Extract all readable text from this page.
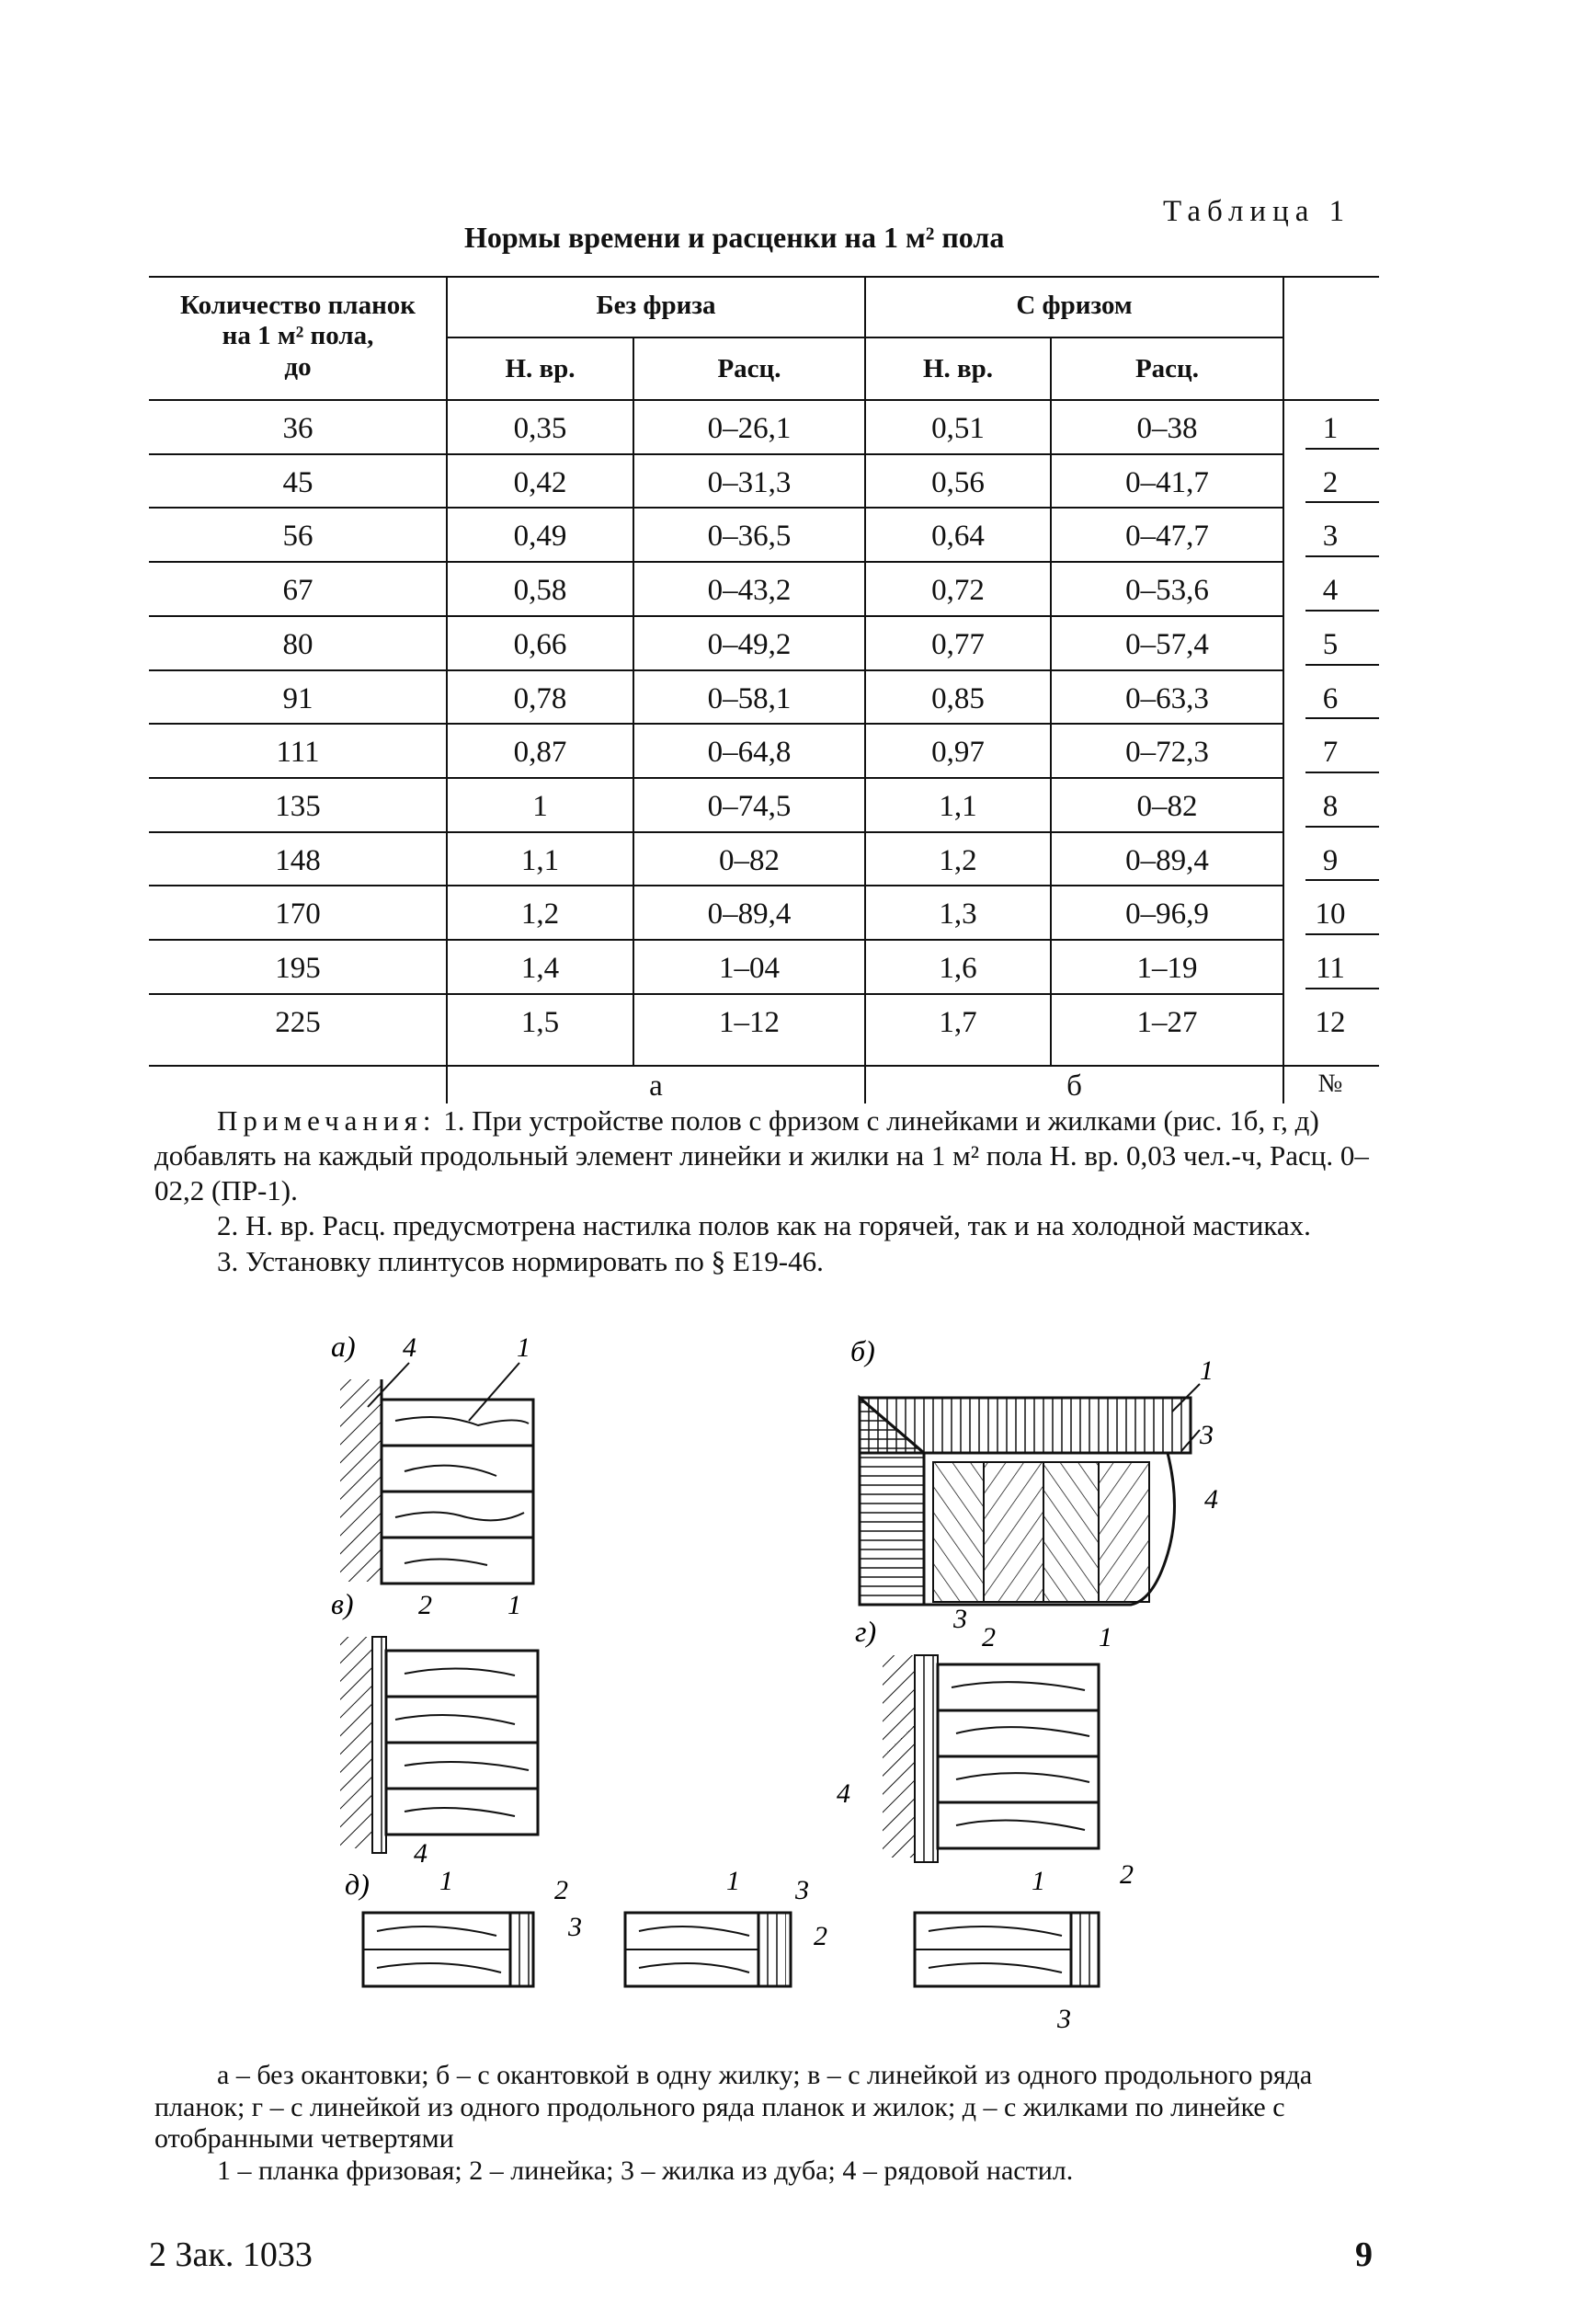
Таблица 1
Нормы времени и расценки на 1 м² пола
Количество планок
на 1 м² пола,
до
Без фриза	С фризом
Н. вр.	Расц.	Н. вр.	Расц.
36	0,35	0–26,1	0,51	0–38	1
45	0,42	0–31,3	0,56	0–41,7	2
56	0,49	0–36,5	0,64	0–47,7	3
67	0,58	0–43,2	0,72	0–53,6	4
80	0,66	0–49,2	0,77	0–57,4	5
91	0,78	0–58,1	0,85	0–63,3	6
111	0,87	0–64,8	0,97	0–72,3	7
135	1	0–74,5	1,1	0–82	8
148	1,1	0–82	1,2	0–89,4	9
170	1,2	0–89,4	1,3	0–96,9	10
195	1,4	1–04	1,6	1–19	11
225	1,5	1–12	1,7	1–27	12
а	б	№

Примечания: 1. При устройстве полов с фризом с линейками и жилками (рис. 1б, г, д) добавлять на каждый продольный элемент линейки и жилки на 1 м² пола Н. вр. 0,03 чел.-ч, Расц. 0–02,2 (ПР-1).

2. Н. вр. Расц. предусмотрена настилка полов как на горячей, так и на холодной мастиках.

3. Установку плинтусов нормировать по § Е19-46.

а) 4	1	б)
1
3
4
в) 2	1
4
г)	3
2	1
4
д)	1	2
3
1 3
2
1	2
3

а – без окантовки; б – с окантовкой в одну жилку; в – с линейкой из одного продольного ряда планок; г – с линейкой из одного продольного ряда планок и жилок; д – с жилками по линейке с отобранными четвертями

1 – планка фризовая; 2 – линейка; 3 – жилка из дуба; 4 – рядовой настил.

2 Зак. 1033	9
